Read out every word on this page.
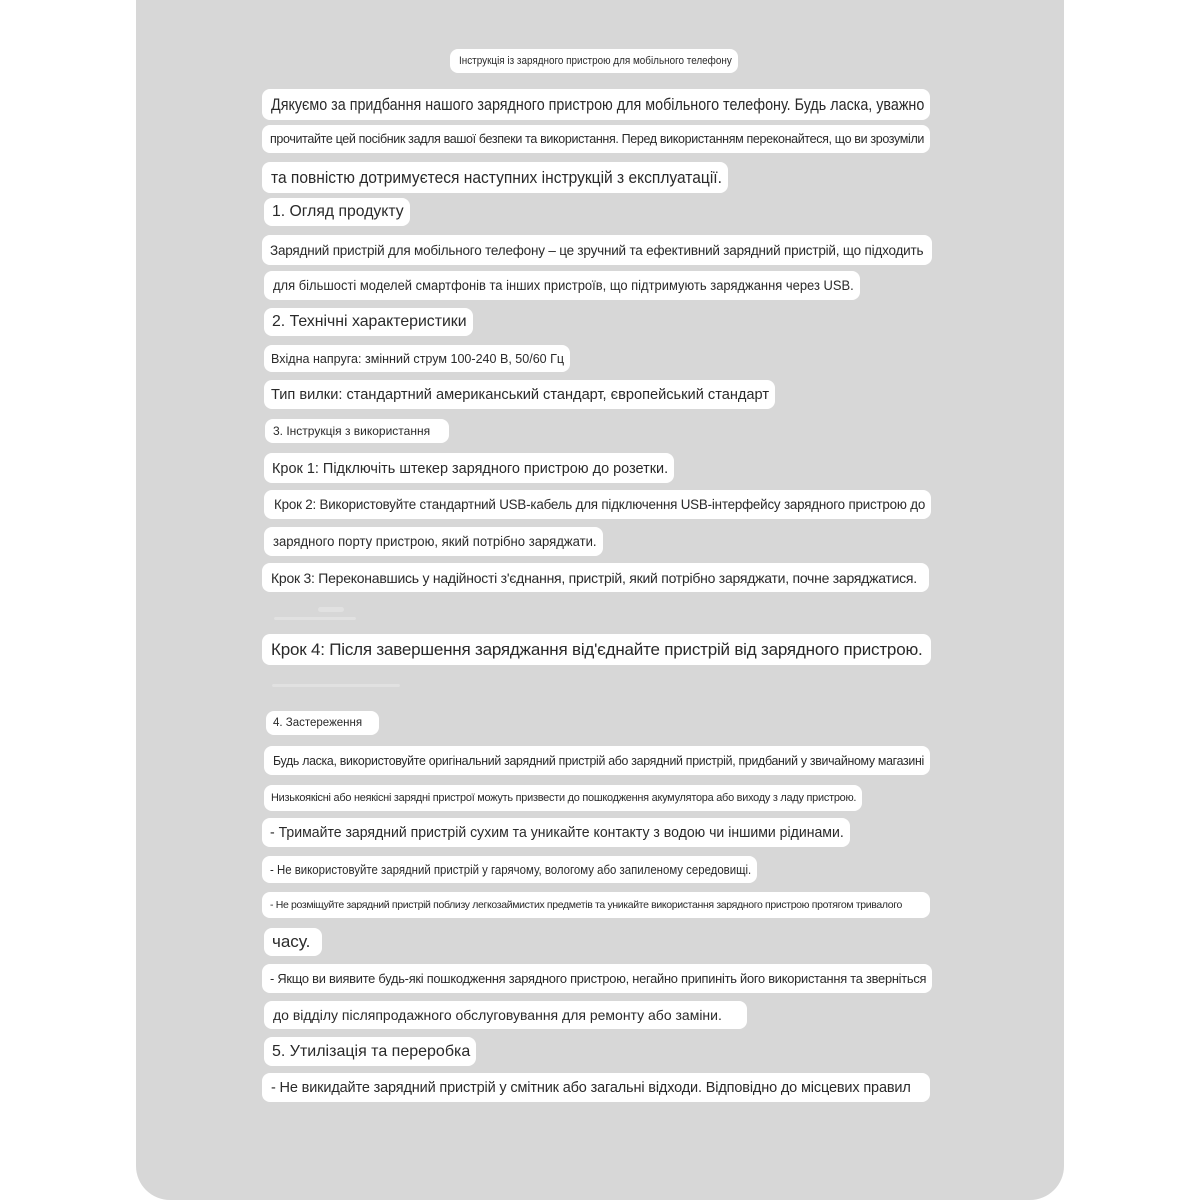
Інструкція із зарядного пристрою для мобільного телефону
Дякуємо за придбання нашого зарядного пристрою для мобільного телефону. Будь ласка, уважно
прочитайте цей посібник задля вашої безпеки та використання. Перед використанням переконайтеся, що ви зрозуміли
та повністю дотримуєтеся наступних інструкцій з експлуатації.
1. Огляд продукту
Зарядний пристрій для мобільного телефону – це зручний та ефективний зарядний пристрій, що підходить
для більшості моделей смартфонів та інших пристроїв, що підтримують заряджання через USB.
2. Технічні характеристики
Вхідна напруга: змінний струм 100-240 В, 50/60 Гц
Тип вилки: стандартний американський стандарт, європейський стандарт
3. Інструкція з використання
Крок 1: Підключіть штекер зарядного пристрою до розетки.
Крок 2: Використовуйте стандартний USB-кабель для підключення USB-інтерфейсу зарядного пристрою до
зарядного порту пристрою, який потрібно заряджати.
Крок 3: Переконавшись у надійності з'єднання, пристрій, який потрібно заряджати, почне заряджатися.
Крок 4: Після завершення заряджання від'єднайте пристрій від зарядного пристрою.
4. Застереження
Будь ласка, використовуйте оригінальний зарядний пристрій або зарядний пристрій, придбаний у звичайному магазині
Низькоякісні або неякісні зарядні пристрої можуть призвести до пошкодження акумулятора або виходу з ладу пристрою.
- Тримайте зарядний пристрій сухим та уникайте контакту з водою чи іншими рідинами.
- Не використовуйте зарядний пристрій у гарячому, вологому або запиленому середовищі.
- Не розміщуйте зарядний пристрій поблизу легкозаймистих предметів та уникайте використання зарядного пристрою протягом тривалого
часу.
- Якщо ви виявите будь-які пошкодження зарядного пристрою, негайно припиніть його використання та зверніться
до відділу післяпродажного обслуговування для ремонту або заміни.
5. Утилізація та переробка
- Не викидайте зарядний пристрій у смітник або загальні відходи. Відповідно до місцевих правил
